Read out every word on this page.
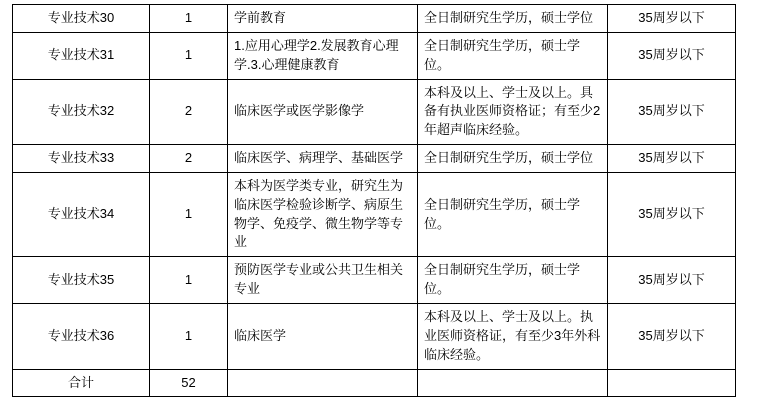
专业技术30	1	学前教育	全日制研究生学历，硕士学位	35周岁以下
专业技术31	1	1.应用心理学2.发展教育心理学.3.心理健康教育	全日制研究生学历，硕士学位。	35周岁以下
专业技术32	2	临床医学或医学影像学	本科及以上、学士及以上。具备有执业医师资格证；有至少2年超声临床经验。	35周岁以下
专业技术33	2	临床医学、病理学、基础医学	全日制研究生学历，硕士学位	35周岁以下
专业技术34	1	本科为医学类专业，研究生为临床医学检验诊断学、病原生物学、免疫学、微生物学等专业	全日制研究生学历，硕士学位。	35周岁以下
专业技术35	1	预防医学专业或公共卫生相关专业	全日制研究生学历，硕士学位。	35周岁以下
专业技术36	1	临床医学	本科及以上、学士及以上。执业医师资格证，有至少3年外科临床经验。	35周岁以下
合计	52			
